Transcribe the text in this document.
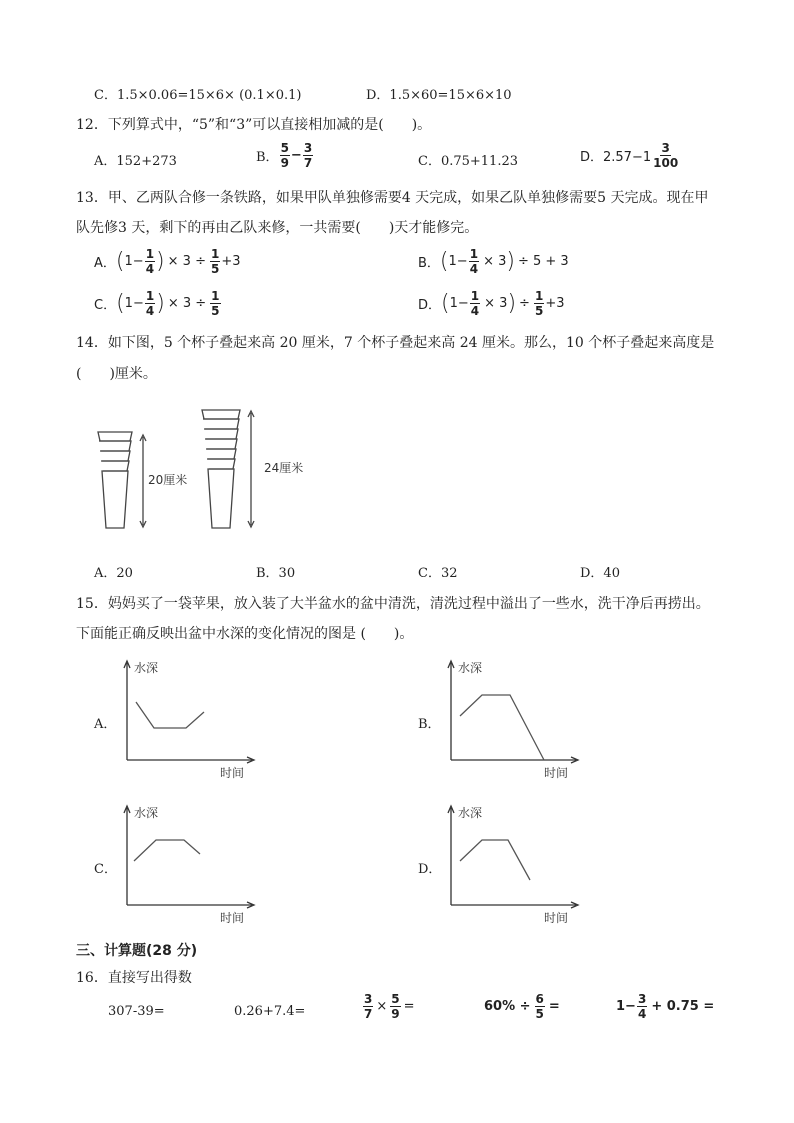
C．1.5×0.06=15×6× (0.1×0.1)	D．1.5×60=15×6×10
12．下列算式中，“5”和“3”可以直接相加减的是(　　)。
A．152+273	B． $\frac{5}{9} - \frac{3}{7}$	C．0.75+11.23	D．$2.57-1 \frac{3}{100}$
13．甲、乙两队合修一条铁路，如果甲队单独修需要4 天完成，如果乙队单独修需要5 天完成。现在甲
队先修3 天，剩下的再由乙队来修，一共需要(　　)天才能修完。
A． ( $1 - \frac{1}{4}$ ) × $3 \div \frac{1}{5} +3$	B． ( $1 - \frac{1}{4} \times 3$ ) ÷ 5 + 3
C． ( $1 - \frac{1}{4}$ ) × $3 \div \frac{1}{5}$	D． ( $1 - \frac{1}{4} \times 3$ ) ÷ $\frac{1}{5} +3$
14．如下图，5 个杯子叠起来高 20 厘米，7 个杯子叠起来高 24 厘米。那么，10 个杯子叠起来高度是
(　　)厘米。
20厘米
24厘米
A．20	B．30	C．32	D．40
15．妈妈买了一袋苹果，放入装了大半盆水的盆中清洗，清洗过程中溢出了一些水，洗干净后再捞出。
下面能正确反映出盆中水深的变化情况的图是 (　　)。
A．
水深
时间
B．
水深
时间
C．
水深
时间
D．
水深
时间
三、计算题(28 分)
16．直接写出得数
307-39=	0.26+7.4=	$\frac{3}{7} \times \frac{5}{9}$ =	$60\% \div \frac{6}{5}$ =	$1- \frac{3}{4} + 0.75$ =
